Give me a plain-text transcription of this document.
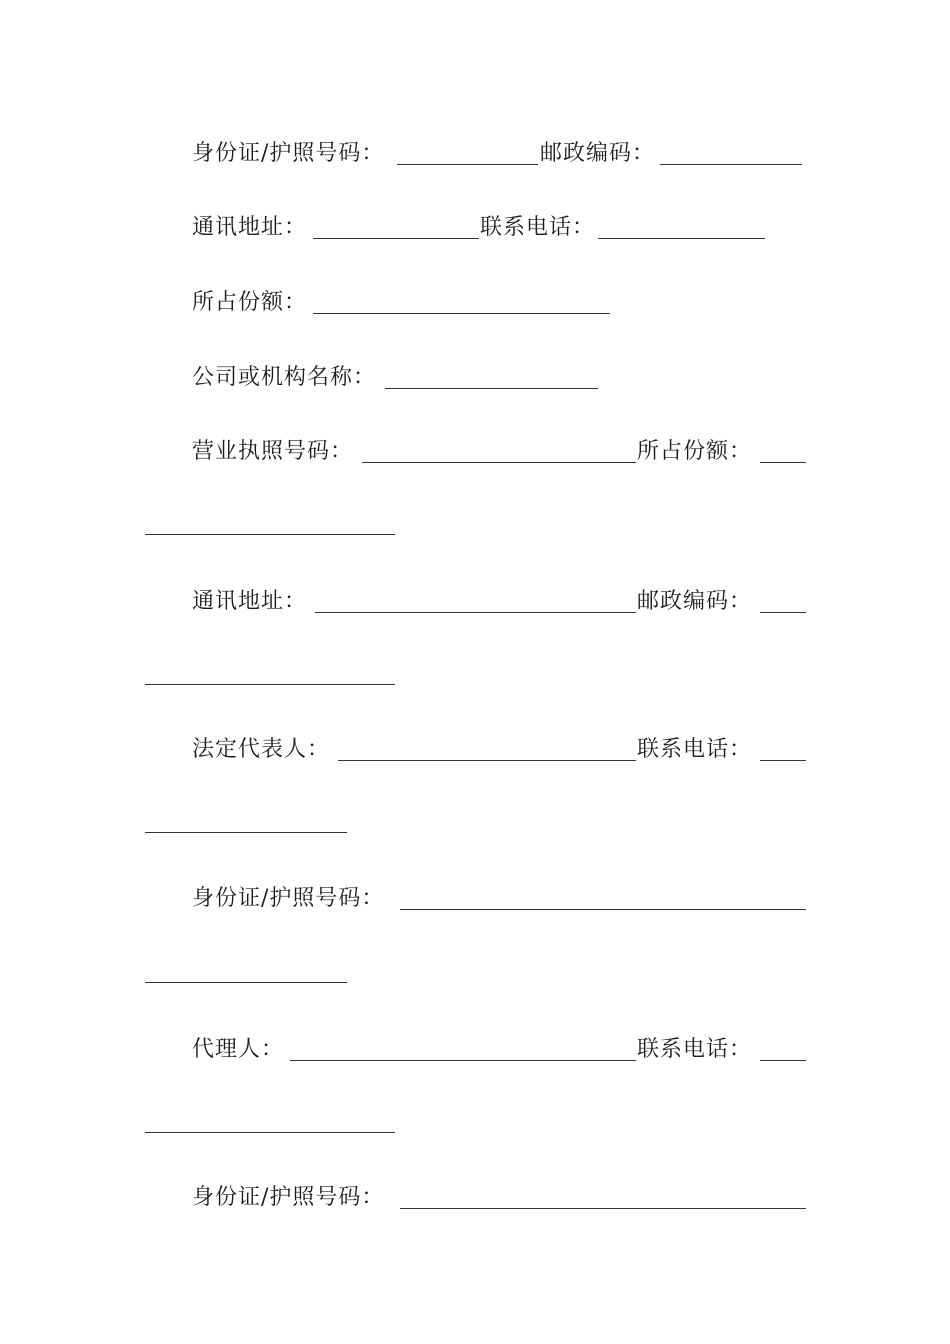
身份证/护照号码：	邮政编码：
通讯地址：	联系电话：
所占份额：
公司或机构名称：
营业执照号码：	所占份额：
通讯地址：	邮政编码：
法定代表人：	联系电话：
身份证/护照号码：
代理人：	联系电话：
身份证/护照号码：
